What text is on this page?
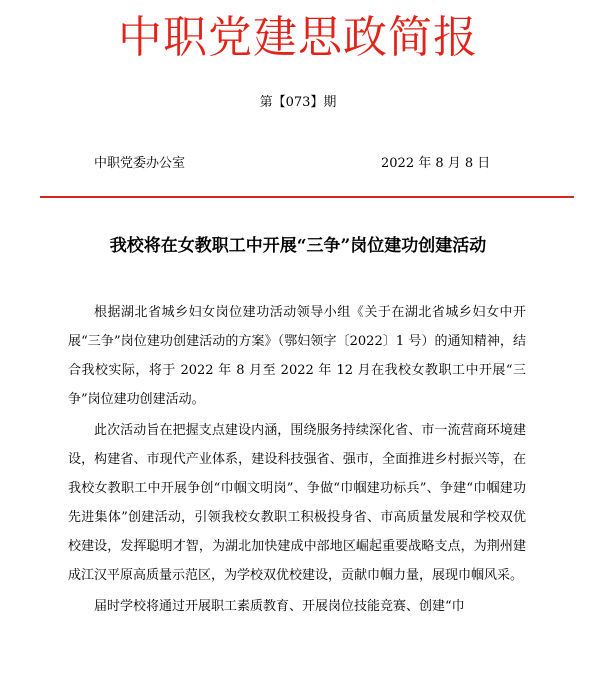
中职党建思政简报
第【073】期
中职党委办公室	2022 年 8 月 8 日
我校将在女教职工中开展“三争”岗位建功创建活动

根据湖北省城乡妇女岗位建功活动领导小组《关于在湖北省城乡妇女中开展“三争”岗位建功创建活动的方案》（鄂妇领字〔2022〕1 号）的通知精神，结合我校实际，将于 2022 年 8 月至 2022 年 12 月在我校女教职工中开展“三争”岗位建功创建活动。

此次活动旨在把握支点建设内涵，围绕服务持续深化省、市一流营商环境建设，构建省、市现代产业体系，建设科技强省、强市，全面推进乡村振兴等，在我校女教职工中开展争创“巾帼文明岗”、争做“巾帼建功标兵”、争建“巾帼建功先进集体”创建活动，引领我校女教职工积极投身省、市高质量发展和学校双优校建设，发挥聪明才智，为湖北加快建成中部地区崛起重要战略支点，为荆州建成江汉平原高质量示范区，为学校双优校建设，贡献巾帼力量，展现巾帼风采。

届时学校将通过开展职工素质教育、开展岗位技能竞赛、创建“巾
